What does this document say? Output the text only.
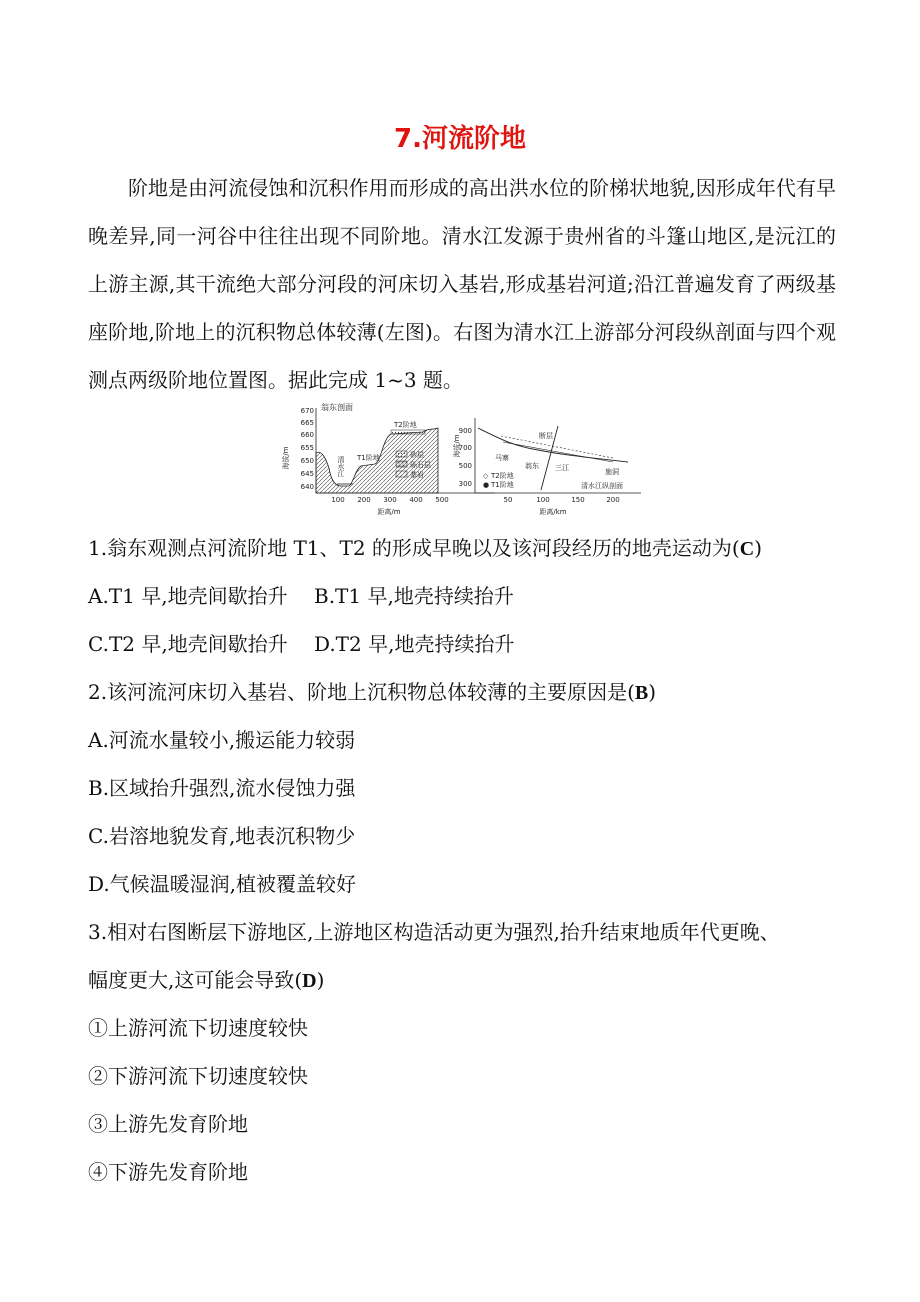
7.河流阶地

阶地是由河流侵蚀和沉积作用而形成的高出洪水位的阶梯状地貌,因形成年代有早晚差异,同一河谷中往往出现不同阶地。清水江发源于贵州省的斗篷山地区,是沅江的上游主源,其干流绝大部分河段的河床切入基岩,形成基岩河道;沿江普遍发育了两级基座阶地,阶地上的沉积物总体较薄(左图)。右图为清水江上游部分河段纵剖面与四个观测点两级阶地位置图。据此完成 1~3 题。

翁东剖面
海拔/m
670
665
660
655
650
645
640
100 200 300 400 500
距离/m
T2阶地
T1阶地
清水江
砂层
砾石层
基岩
海拔/m
900
700
500
300
50	100	150	200
距离/km
断层
马寨
翁东 三江	施洞
清水江纵剖面
◇ T2阶地
● T1阶地

1.翁东观测点河流阶地 T1、T2 的形成早晚以及该河段经历的地壳运动为(C)

A.T1 早,地壳间歇抬升 B.T1 早,地壳持续抬升

C.T2 早,地壳间歇抬升 D.T2 早,地壳持续抬升

2.该河流河床切入基岩、阶地上沉积物总体较薄的主要原因是(B)

A.河流水量较小,搬运能力较弱

B.区域抬升强烈,流水侵蚀力强

C.岩溶地貌发育,地表沉积物少

D.气候温暖湿润,植被覆盖较好

3.相对右图断层下游地区,上游地区构造活动更为强烈,抬升结束地质年代更晚、

幅度更大,这可能会导致(D)

①上游河流下切速度较快

②下游河流下切速度较快

③上游先发育阶地

④下游先发育阶地
